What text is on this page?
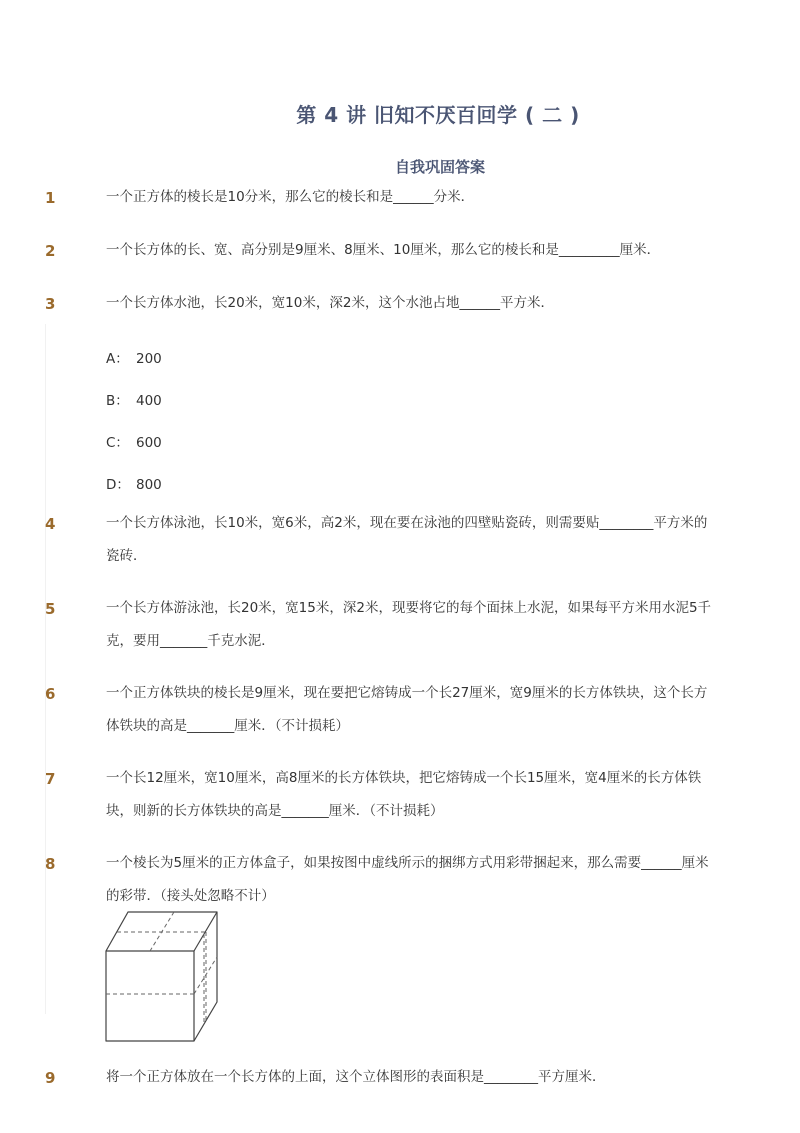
第 4 讲 旧知不厌百回学 ( 二 )
自我巩固答案
1	一个正方体的棱长是10分米，那么它的棱长和是______分米．
2	一个长方体的长、宽、高分别是9厘米、8厘米、10厘米，那么它的棱长和是_________厘米．
3	一个长方体水池，长20米，宽10米，深2米，这个水池占地______平方米．
A： 200
B： 400
C： 600
D： 800
4	一个长方体泳池，长10米，宽6米，高2米，现在要在泳池的四壁贴瓷砖，则需要贴________平方米的瓷砖．
5	一个长方体游泳池，长20米，宽15米，深2米，现要将它的每个面抹上水泥，如果每平方米用水泥5千克，要用_______千克水泥．
6	一个正方体铁块的棱长是9厘米，现在要把它熔铸成一个长27厘米，宽9厘米的长方体铁块，这个长方体铁块的高是_______厘米．（不计损耗）
7	一个长12厘米，宽10厘米，高8厘米的长方体铁块，把它熔铸成一个长15厘米，宽4厘米的长方体铁块，则新的长方体铁块的高是_______厘米．（不计损耗）
8	一个棱长为5厘米的正方体盒子，如果按图中虚线所示的捆绑方式用彩带捆起来，那么需要______厘米的彩带．（接头处忽略不计）
9	将一个正方体放在一个长方体的上面，这个立体图形的表面积是________平方厘米．
